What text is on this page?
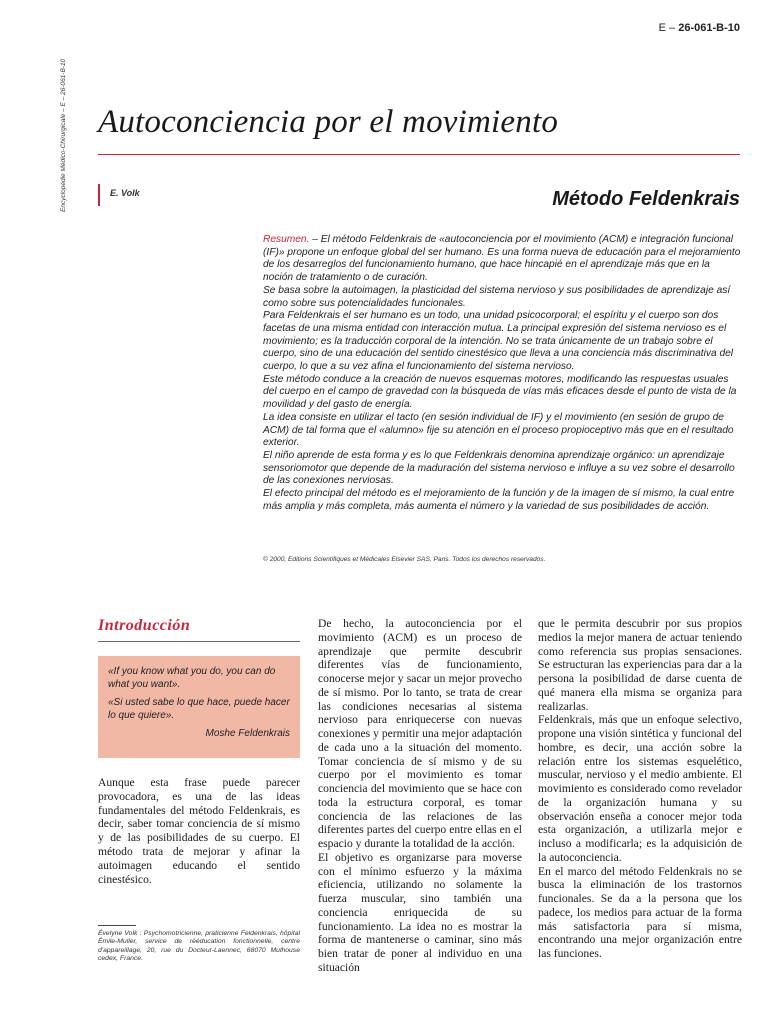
Encyclopédie Médico-Chirurgicale – E – 26-061-B-10
E – 26-061-B-10
Autoconciencia por el movimiento
E. Volk	Método Feldenkrais

Resumen. – El método Feldenkrais de «autoconciencia por el movimiento (ACM) e integración funcional (IF)» propone un enfoque global del ser humano. Es una forma nueva de educación para el mejoramiento de los desarreglos del funcionamiento humano, que hace hincapié en el aprendizaje más que en la noción de tratamiento o de curación.

Se basa sobre la autoimagen, la plasticidad del sistema nervioso y sus posibilidades de aprendizaje así como sobre sus potencialidades funcionales.

Para Feldenkrais el ser humano es un todo, una unidad psicocorporal; el espíritu y el cuerpo son dos facetas de una misma entidad con interacción mutua. La principal expresión del sistema nervioso es el movimiento; es la traducción corporal de la intención. No se trata únicamente de un trabajo sobre el cuerpo, sino de una educación del sentido cinestésico que lleva a una conciencia más discriminativa del cuerpo, lo que a su vez afina el funcionamiento del sistema nervioso.

Este método conduce a la creación de nuevos esquemas motores, modificando las respuestas usuales del cuerpo en el campo de gravedad con la búsqueda de vías más eficaces desde el punto de vista de la movilidad y del gasto de energía.

La idea consiste en utilizar el tacto (en sesión individual de IF) y el movimiento (en sesión de grupo de ACM) de tal forma que el «alumno» fije su atención en el proceso propioceptivo más que en el resultado exterior.

El niño aprende de esta forma y es lo que Feldenkrais denomina aprendizaje orgánico: un aprendizaje sensoriomotor que depende de la maduración del sistema nervioso e influye a su vez sobre el desarrollo de las conexiones nerviosas.

El efecto principal del método es el mejoramiento de la función y de la imagen de sí mismo, la cual entre más amplia y más completa, más aumenta el número y la variedad de sus posibilidades de acción.

© 2000, Editions Scientifiques et Médicales Elsevier SAS, Paris. Todos los derechos reservados.
Introducción

«If you know what you do, you can do what you want».

«Si usted sabe lo que hace, puede hacer lo que quiere».

Moshe Feldenkrais

Aunque esta frase puede parecer provocadora, es una de las ideas fundamentales del método Feldenkrais, es decir, saber tomar conciencia de sí mismo y de las posibilidades de su cuerpo. El método trata de mejorar y afinar la autoimagen educando el sentido cinestésico.

Évelyne Volk : Psychomotricienne, praticienne Feldenkrais, hôpital Émile-Muller, service de rééducation fonctionnelle, centre d'appareillage, 20, rue du Docteur-Laennec, 68070 Mulhouse cedex, France.

De hecho, la autoconciencia por el movimiento (ACM) es un proceso de aprendizaje que permite descubrir diferentes vías de funcionamiento, conocerse mejor y sacar un mejor provecho de sí mismo. Por lo tanto, se trata de crear las condiciones necesarias al sistema nervioso para enriquecerse con nuevas conexiones y permitir una mejor adaptación de cada uno a la situación del momento. Tomar conciencia de sí mismo y de su cuerpo por el movimiento es tomar conciencia del movimiento que se hace con toda la estructura corporal, es tomar conciencia de las relaciones de las diferentes partes del cuerpo entre ellas en el espacio y durante la totalidad de la acción.

El objetivo es organizarse para moverse con el mínimo esfuerzo y la máxima eficiencia, utilizando no solamente la fuerza muscular, sino también una conciencia enriquecida de su funcionamiento. La idea no es mostrar la forma de mantenerse o caminar, sino más bien tratar de poner al individuo en una situación

que le permita descubrir por sus propios medios la mejor manera de actuar teniendo como referencia sus propias sensaciones. Se estructuran las experiencias para dar a la persona la posibilidad de darse cuenta de qué manera ella misma se organiza para realizarlas.

Feldenkrais, más que un enfoque selectivo, propone una visión sintética y funcional del hombre, es decir, una acción sobre la relación entre los sistemas esquelético, muscular, nervioso y el medio ambiente. El movimiento es considerado como revelador de la organización humana y su observación enseña a conocer mejor toda esta organización, a utilizarla mejor e incluso a modificarla; es la adquisición de la autoconciencia.

En el marco del método Feldenkrais no se busca la eliminación de los trastornos funcionales. Se da a la persona que los padece, los medios para actuar de la forma más satisfactoria para sí misma, encontrando una mejor organización entre las funciones.
